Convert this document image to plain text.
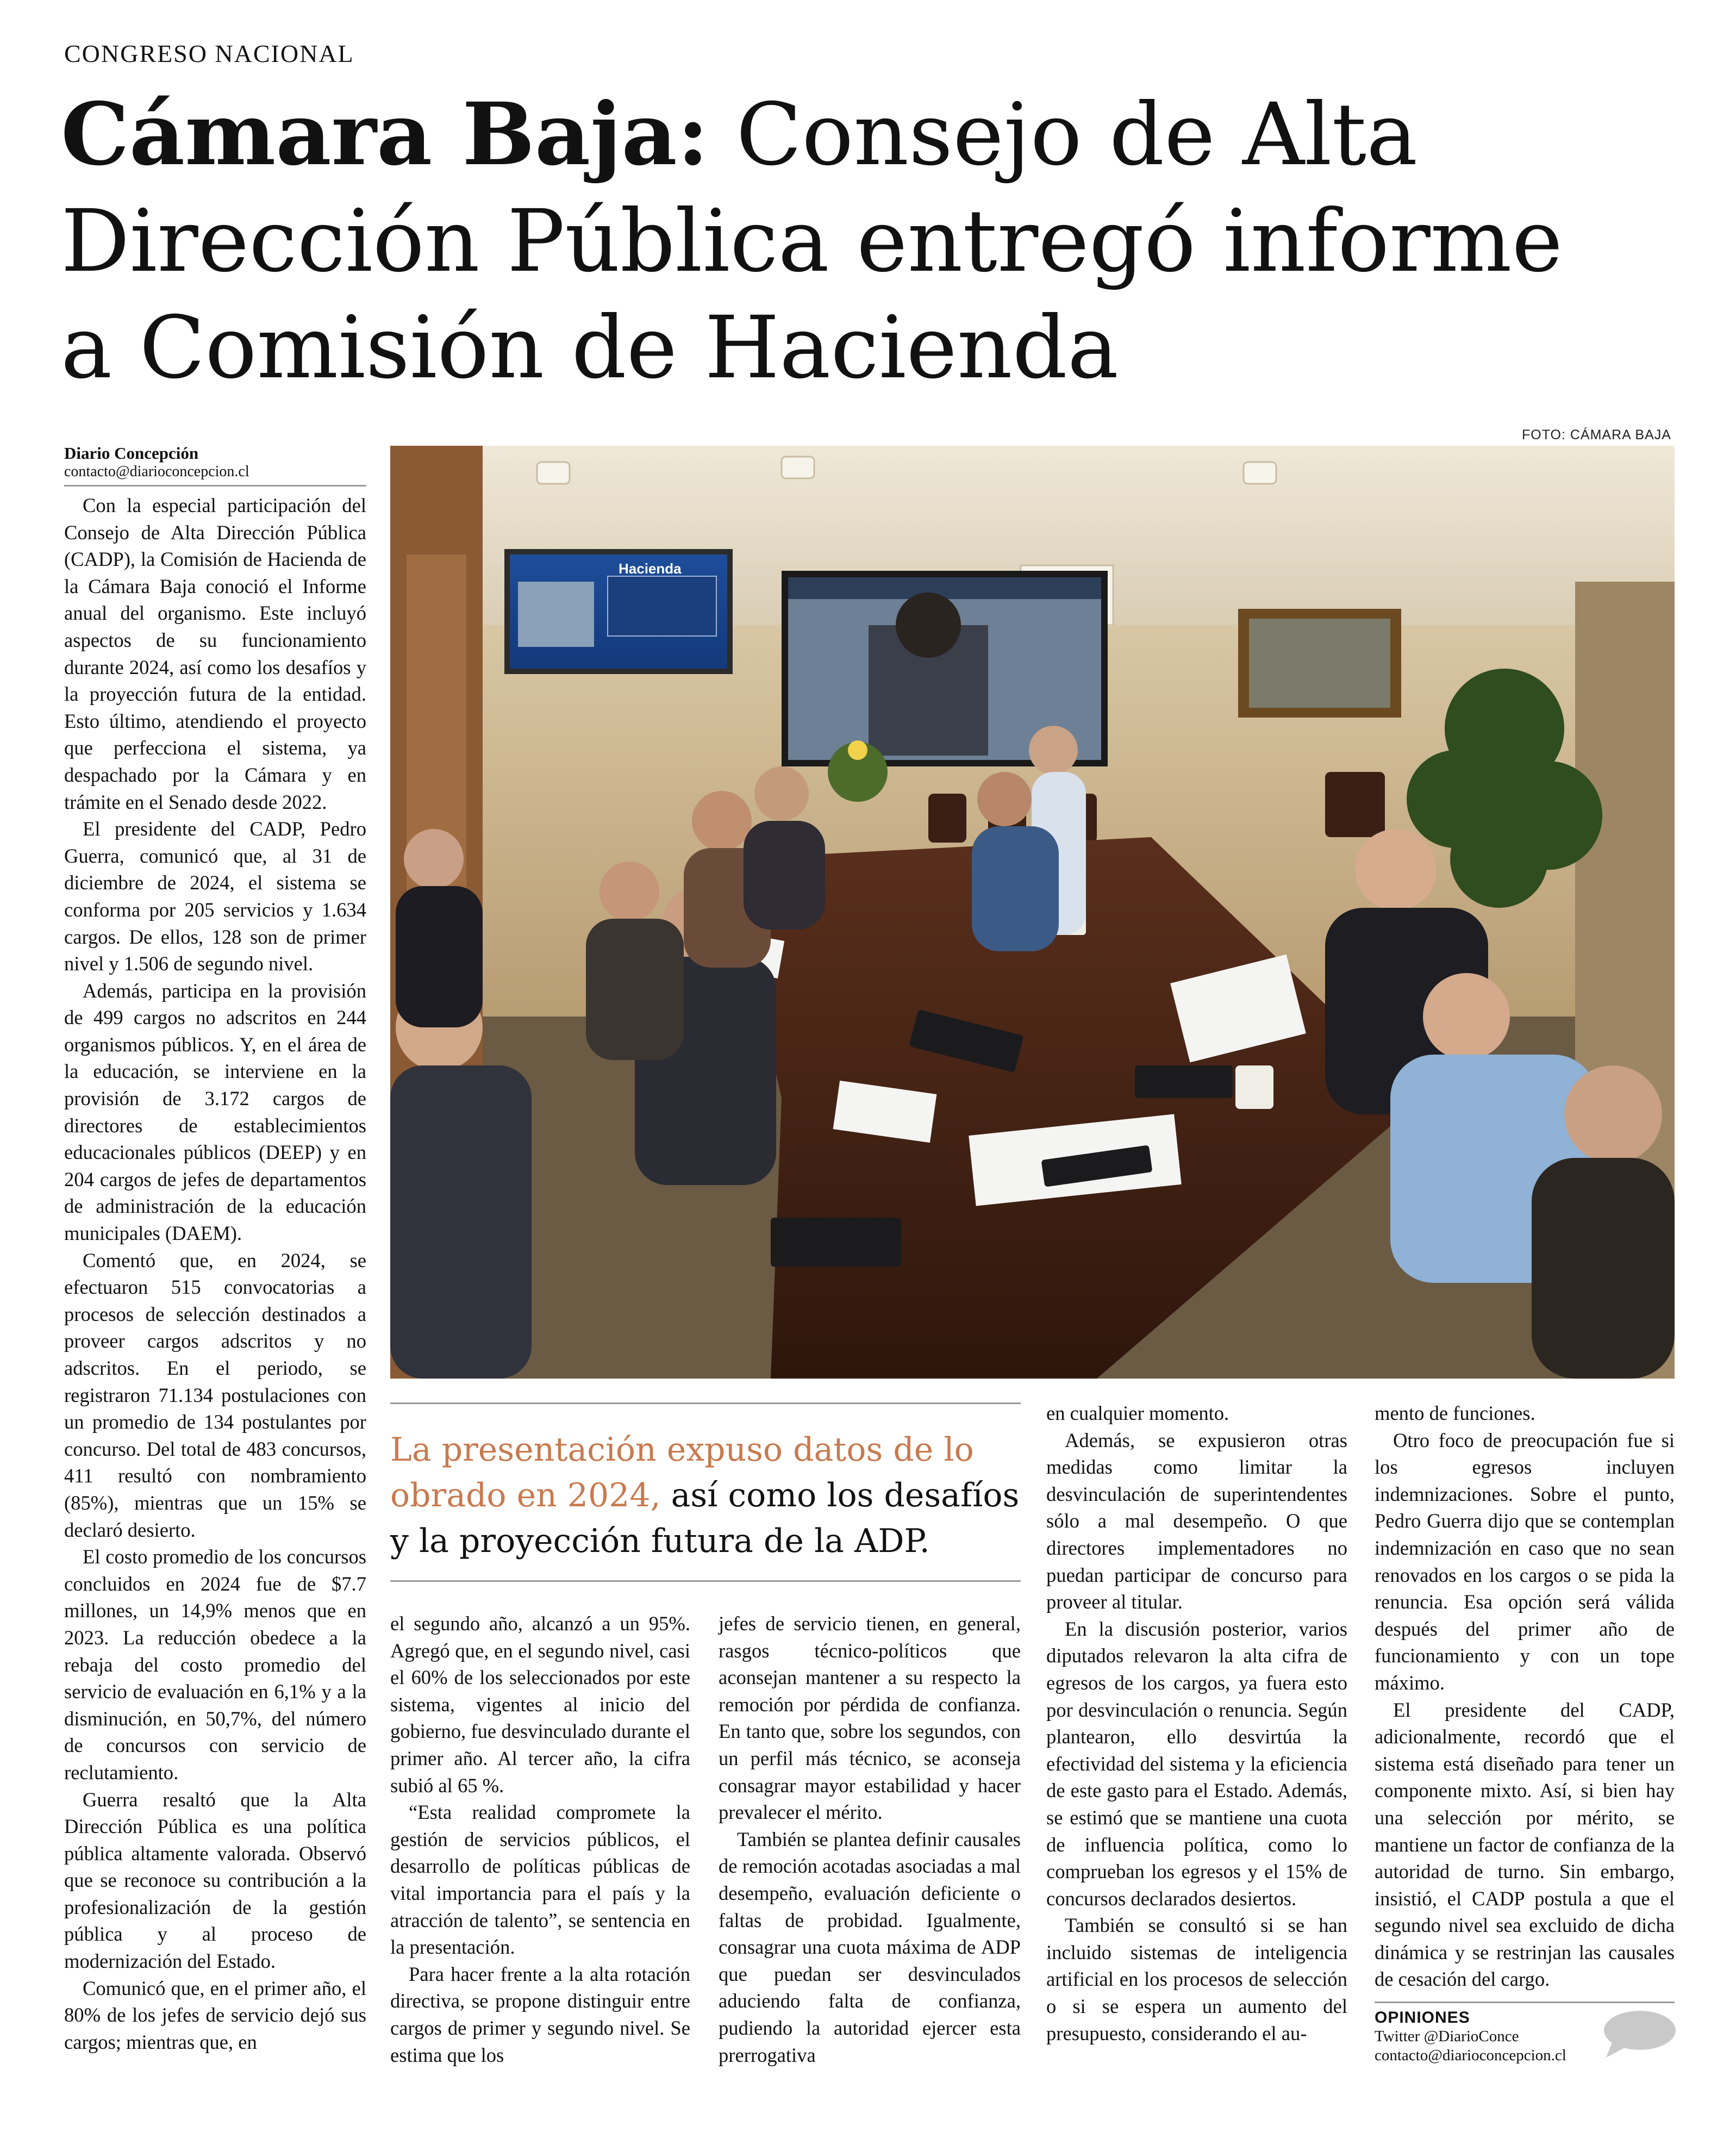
CONGRESO NACIONAL
Cámara Baja: Consejo de Alta
Dirección Pública entregó informe
a Comisión de Hacienda
Diario Concepción
contacto@diarioconcepcion.cl

Con la especial participación del Consejo de Alta Dirección Pública (CADP), la Comisión de Hacienda de la Cámara Baja conoció el Informe anual del organismo. Este incluyó aspectos de su funcionamiento durante 2024, así como los desafíos y la proyección futura de la entidad. Esto último, atendiendo el proyecto que perfecciona el sistema, ya despachado por la Cámara y en trámite en el Senado desde 2022.

El presidente del CADP, Pedro Guerra, comunicó que, al 31 de diciembre de 2024, el sistema se conforma por 205 servicios y 1.634 cargos. De ellos, 128 son de primer nivel y 1.506 de segundo nivel.

Además, participa en la provisión de 499 cargos no adscritos en 244 organismos públicos. Y, en el área de la educación, se interviene en la provisión de 3.172 cargos de directores de establecimientos educacionales públicos (DEEP) y en 204 cargos de jefes de departamentos de administración de la educación municipales (DAEM).

Comentó que, en 2024, se efectuaron 515 convocatorias a procesos de selección destinados a proveer cargos adscritos y no adscritos. En el periodo, se registraron 71.134 postulaciones con un promedio de 134 postulantes por concurso. Del total de 483 concursos, 411 resultó con nombramiento (85%), mientras que un 15% se declaró desierto.

El costo promedio de los concursos concluidos en 2024 fue de $7.7 millones, un 14,9% menos que en 2023. La reducción obedece a la rebaja del costo promedio del servicio de evaluación en 6,1% y a la disminución, en 50,7%, del número de concursos con servicio de reclutamiento.

Guerra resaltó que la Alta Dirección Pública es una política pública altamente valorada. Observó que se reconoce su contribución a la profesionalización de la gestión pública y al proceso de modernización del Estado.

Comunicó que, en el primer año, el 80% de los jefes de servicio dejó sus cargos; mientras que, en

FOTO: CÁMARA BAJA
Hacienda
La presentación expuso datos de lo obrado en 2024, así como los desafíos y la proyección futura de la ADP.

el segundo año, alcanzó a un 95%. Agregó que, en el segundo nivel, casi el 60% de los seleccionados por este sistema, vigentes al inicio del gobierno, fue desvinculado durante el primer año. Al tercer año, la cifra subió al 65 %.

“Esta realidad compromete la gestión de servicios públicos, el desarrollo de políticas públicas de vital importancia para el país y la atracción de talento”, se sentencia en la presentación.

Para hacer frente a la alta rotación directiva, se propone distinguir entre cargos de primer y segundo nivel. Se estima que los

jefes de servicio tienen, en general, rasgos técnico-políticos que aconsejan mantener a su respecto la remoción por pérdida de confianza. En tanto que, sobre los segundos, con un perfil más técnico, se aconseja consagrar mayor estabilidad y hacer prevalecer el mérito.

También se plantea definir causales de remoción acotadas asociadas a mal desempeño, evaluación deficiente o faltas de probidad. Igualmente, consagrar una cuota máxima de ADP que puedan ser desvinculados aduciendo falta de confianza, pudiendo la autoridad ejercer esta prerrogativa

en cualquier momento.

Además, se expusieron otras medidas como limitar la desvinculación de superintendentes sólo a mal desempeño. O que directores implementadores no puedan participar de concurso para proveer al titular.

En la discusión posterior, varios diputados relevaron la alta cifra de egresos de los cargos, ya fuera esto por desvinculación o renuncia. Según plantearon, ello desvirtúa la efectividad del sistema y la eficiencia de este gasto para el Estado. Además, se estimó que se mantiene una cuota de influencia política, como lo comprueban los egresos y el 15% de concursos declarados desiertos.

También se consultó si se han incluido sistemas de inteligencia artificial en los procesos de selección o si se espera un aumento del presupuesto, considerando el au-

mento de funciones.

Otro foco de preocupación fue si los egresos incluyen indemnizaciones. Sobre el punto, Pedro Guerra dijo que se contemplan indemnización en caso que no sean renovados en los cargos o se pida la renuncia. Esa opción será válida después del primer año de funcionamiento y con un tope máximo.

El presidente del CADP, adicionalmente, recordó que el sistema está diseñado para tener un componente mixto. Así, si bien hay una selección por mérito, se mantiene un factor de confianza de la autoridad de turno. Sin embargo, insistió, el CADP postula a que el segundo nivel sea excluido de dicha dinámica y se restrinjan las causales de cesación del cargo.

OPINIONES
Twitter @DiarioConce
contacto@diarioconcepcion.cl
